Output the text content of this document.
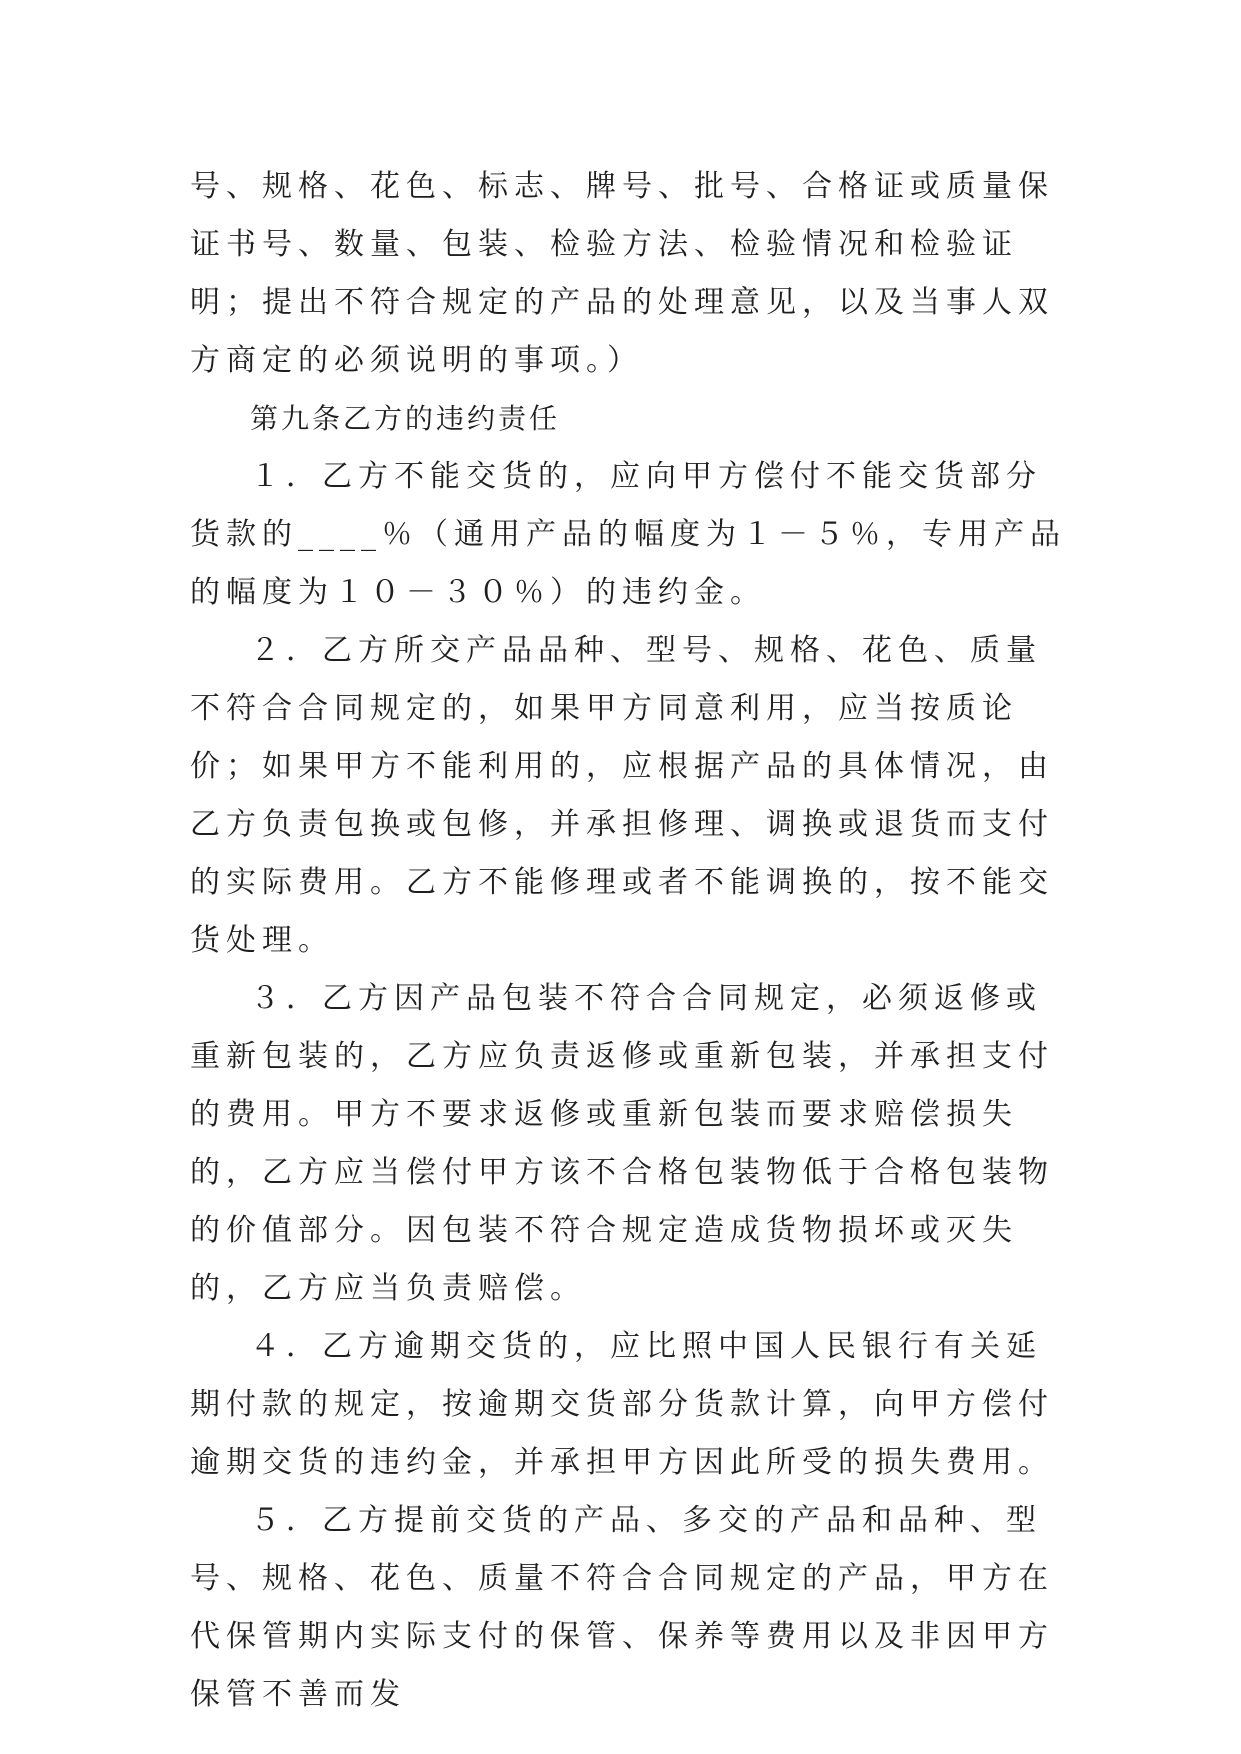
号、规格、花色、标志、牌号、批号、合格证或质量保证书号、数量、包装、检验方法、检验情况和检验证明；提出不符合规定的产品的处理意见，以及当事人双方商定的必须说明的事项。）

第九条乙方的违约责任

１．乙方不能交货的，应向甲方偿付不能交货部分货款的____％（通用产品的幅度为１－５％，专用产品的幅度为１０－３０％）的违约金。

２．乙方所交产品品种、型号、规格、花色、质量不符合合同规定的，如果甲方同意利用，应当按质论价；如果甲方不能利用的，应根据产品的具体情况，由乙方负责包换或包修，并承担修理、调换或退货而支付的实际费用。乙方不能修理或者不能调换的，按不能交货处理。

３．乙方因产品包装不符合合同规定，必须返修或重新包装的，乙方应负责返修或重新包装，并承担支付的费用。甲方不要求返修或重新包装而要求赔偿损失的，乙方应当偿付甲方该不合格包装物低于合格包装物的价值部分。因包装不符合规定造成货物损坏或灭失的，乙方应当负责赔偿。

４．乙方逾期交货的，应比照中国人民银行有关延期付款的规定，按逾期交货部分货款计算，向甲方偿付逾期交货的违约金，并承担甲方因此所受的损失费用。

５．乙方提前交货的产品、多交的产品和品种、型号、规格、花色、质量不符合合同规定的产品，甲方在代保管期内实际支付的保管、保养等费用以及非因甲方保管不善而发
